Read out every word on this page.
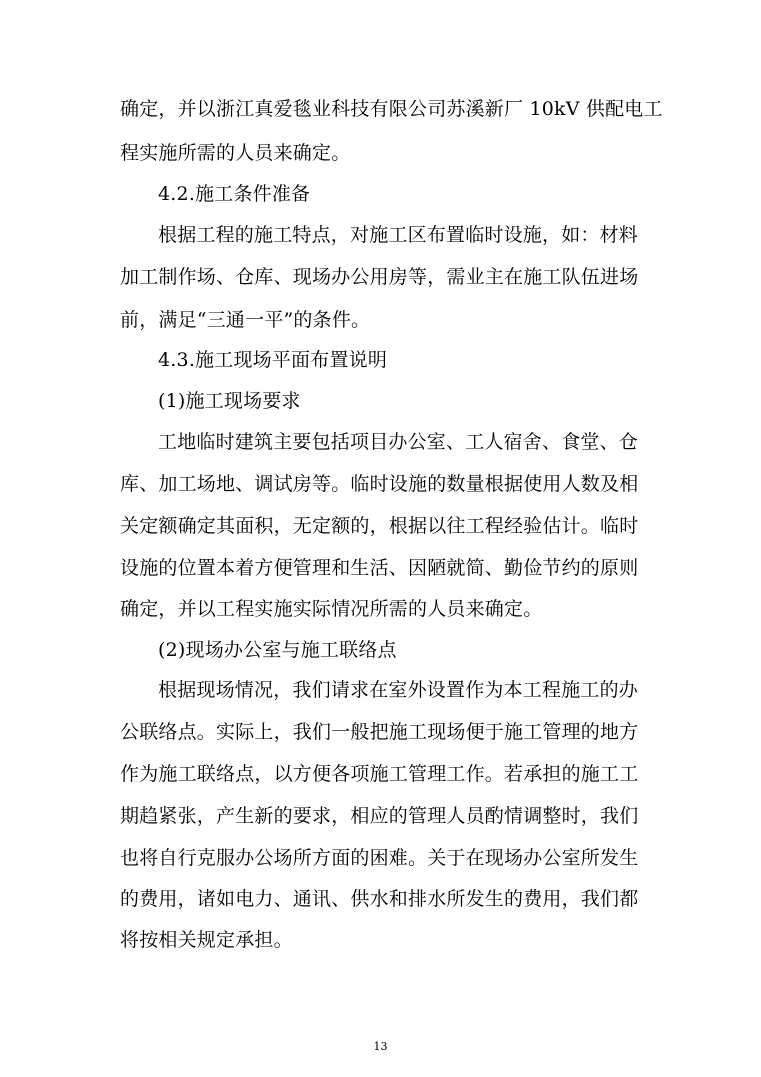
确定，并以浙江真爱毯业科技有限公司苏溪新厂 10kV 供配电工
程实施所需的人员来确定。
4.2.施工条件准备
根据工程的施工特点，对施工区布置临时设施，如：材料
加工制作场、仓库、现场办公用房等，需业主在施工队伍进场
前，满足“三通一平”的条件。
4.3.施工现场平面布置说明
(1)施工现场要求
工地临时建筑主要包括项目办公室、工人宿舍、食堂、仓
库、加工场地、调试房等。临时设施的数量根据使用人数及相
关定额确定其面积，无定额的，根据以往工程经验估计。临时
设施的位置本着方便管理和生活、因陋就简、勤俭节约的原则
确定，并以工程实施实际情况所需的人员来确定。
(2)现场办公室与施工联络点
根据现场情况，我们请求在室外设置作为本工程施工的办
公联络点。实际上，我们一般把施工现场便于施工管理的地方
作为施工联络点，以方便各项施工管理工作。若承担的施工工
期趋紧张，产生新的要求，相应的管理人员酌情调整时，我们
也将自行克服办公场所方面的困难。关于在现场办公室所发生
的费用，诸如电力、通讯、供水和排水所发生的费用，我们都
将按相关规定承担。
13
